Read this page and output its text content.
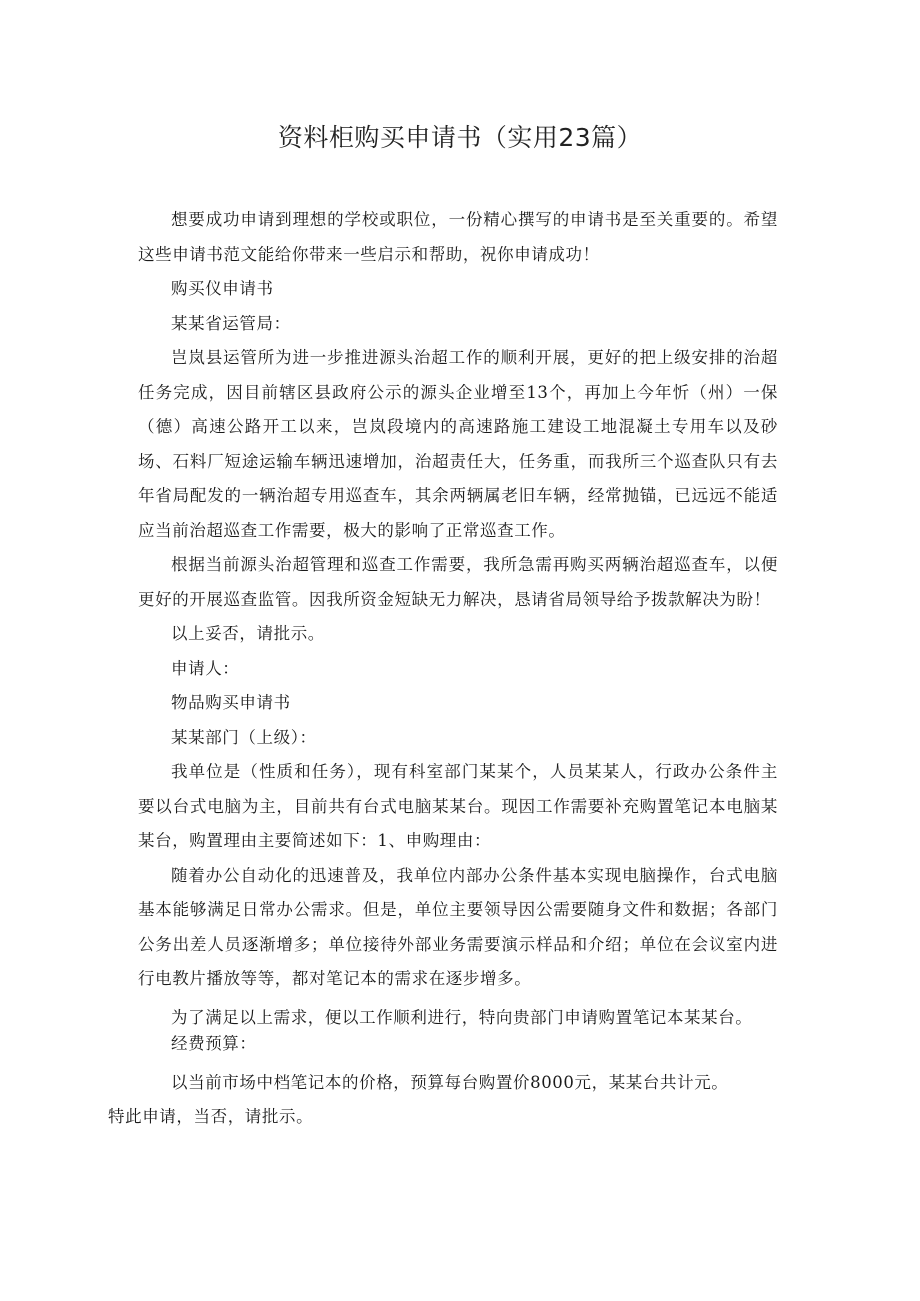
资料柜购买申请书（实用23篇）

想要成功申请到理想的学校或职位，一份精心撰写的申请书是至关重要的。希望这些申请书范文能给你带来一些启示和帮助，祝你申请成功！

购买仪申请书

某某省运管局：

岂岚县运管所为进一步推进源头治超工作的顺利开展，更好的把上级安排的治超任务完成，因目前辖区县政府公示的源头企业增至13个，再加上今年忻（州）一保（德）高速公路开工以来，岂岚段境内的高速路施工建设工地混凝土专用车以及砂场、石料厂短途运输车辆迅速增加，治超责任大，任务重，而我所三个巡查队只有去年省局配发的一辆治超专用巡查车，其余两辆属老旧车辆，经常抛锚，已远远不能适应当前治超巡查工作需要，极大的影响了正常巡查工作。

根据当前源头治超管理和巡查工作需要，我所急需再购买两辆治超巡查车，以便更好的开展巡查监管。因我所资金短缺无力解决，恳请省局领导给予拨款解决为盼！

以上妥否，请批示。

申请人：

物品购买申请书

某某部门（上级）：

我单位是（性质和任务），现有科室部门某某个，人员某某人，行政办公条件主要以台式电脑为主，目前共有台式电脑某某台。现因工作需要补充购置笔记本电脑某某台，购置理由主要简述如下：1、申购理由：

随着办公自动化的迅速普及，我单位内部办公条件基本实现电脑操作，台式电脑基本能够满足日常办公需求。但是，单位主要领导因公需要随身文件和数据；各部门公务出差人员逐渐增多；单位接待外部业务需要演示样品和介绍；单位在会议室内进行电教片播放等等，都对笔记本的需求在逐步增多。

为了满足以上需求，便以工作顺利进行，特向贵部门申请购置笔记本某某台。

经费预算：

以当前市场中档笔记本的价格，预算每台购置价8000元，某某台共计元。

特此申请，当否，请批示。
